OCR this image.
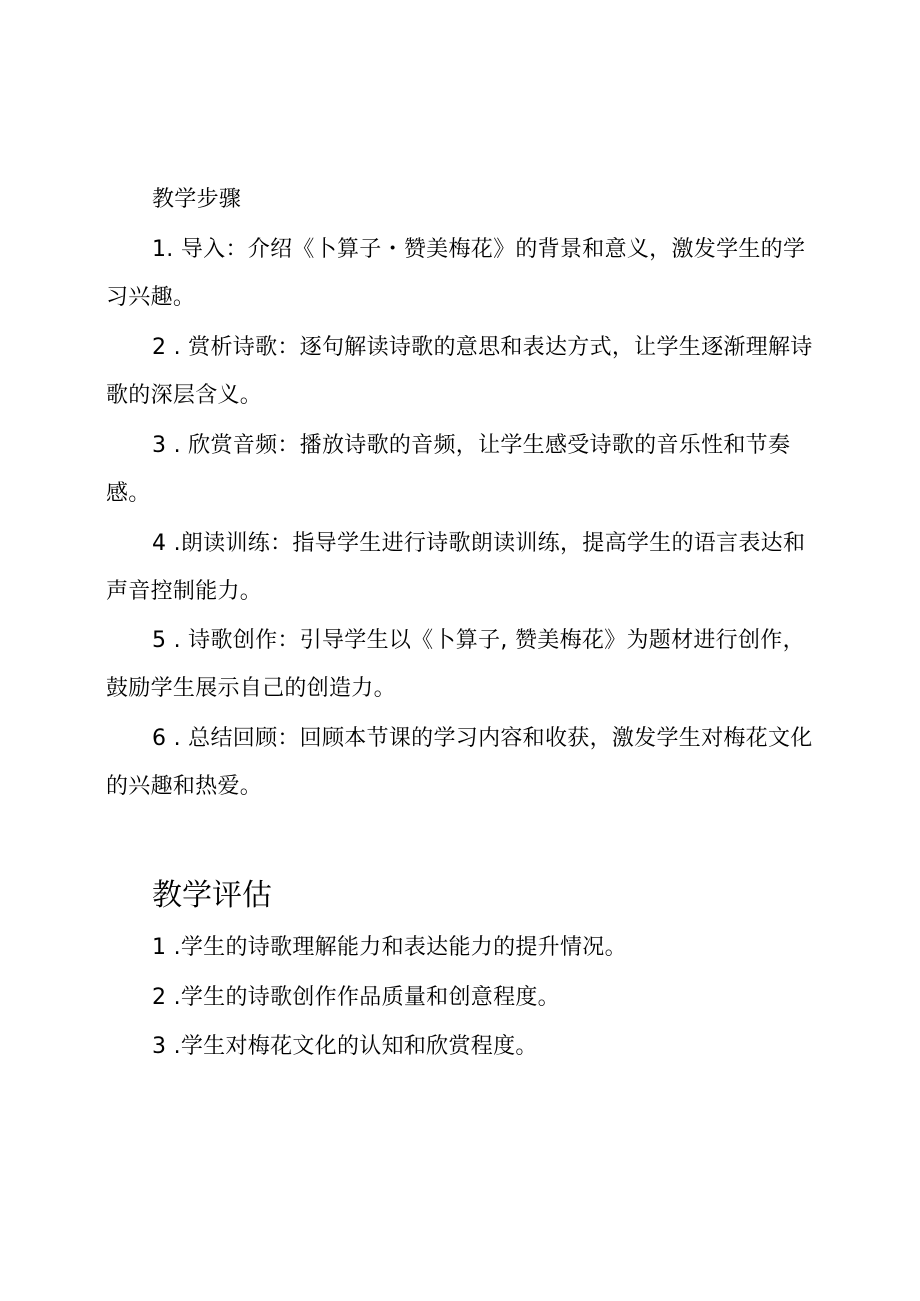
教学步骤

1. 导入：介绍《卜算子・赞美梅花》的背景和意义，激发学生的学习兴趣。

2 . 赏析诗歌：逐句解读诗歌的意思和表达方式，让学生逐渐理解诗歌的深层含义。

3 . 欣赏音频：播放诗歌的音频，让学生感受诗歌的音乐性和节奏感。

4 .朗读训练：指导学生进行诗歌朗读训练，提高学生的语言表达和声音控制能力。

5 . 诗歌创作：引导学生以《卜算子, 赞美梅花》为题材进行创作，鼓励学生展示自己的创造力。

6 . 总结回顾：回顾本节课的学习内容和收获，激发学生对梅花文化的兴趣和热爱。

教学评估

1 .学生的诗歌理解能力和表达能力的提升情况。

2 .学生的诗歌创作作品质量和创意程度。

3 .学生对梅花文化的认知和欣赏程度。
